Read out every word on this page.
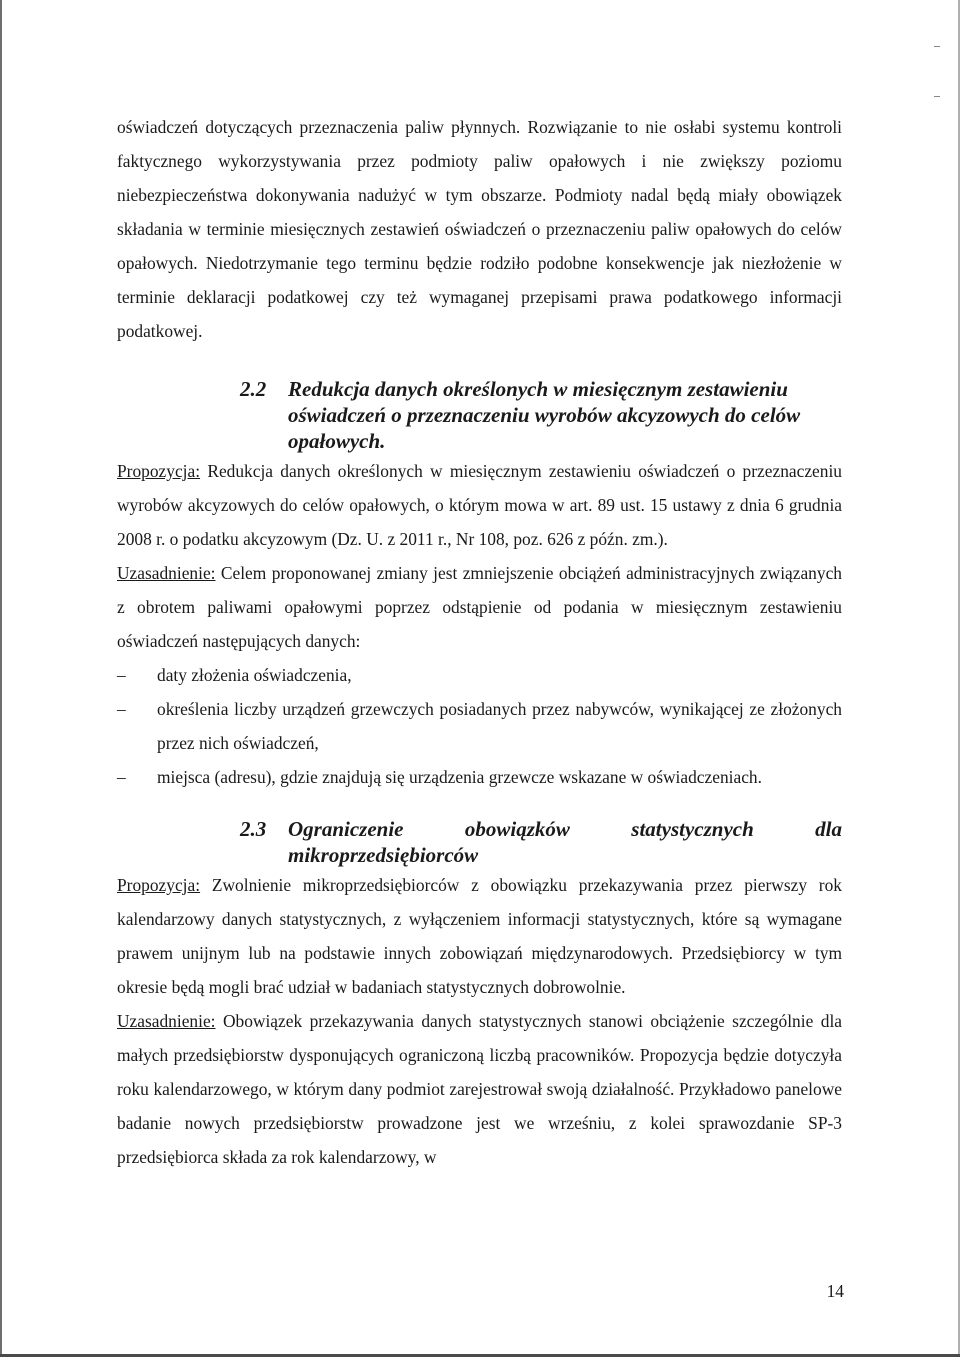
oświadczeń dotyczących przeznaczenia paliw płynnych. Rozwiązanie to nie osłabi systemu kontroli faktycznego wykorzystywania przez podmioty paliw opałowych i nie zwiększy poziomu niebezpieczeństwa dokonywania nadużyć w tym obszarze. Podmioty nadal będą miały obowiązek składania w terminie miesięcznych zestawień oświadczeń o przeznaczeniu paliw opałowych do celów opałowych. Niedotrzymanie tego terminu będzie rodziło podobne konsekwencje jak niezłożenie w terminie deklaracji podatkowej czy też wymaganej przepisami prawa podatkowego informacji podatkowej.

2.2	Redukcja danych określonych w miesięcznym zestawieniu oświadczeń o przeznaczeniu wyrobów akcyzowych do celów opałowych.

Propozycja: Redukcja danych określonych w miesięcznym zestawieniu oświadczeń o przeznaczeniu wyrobów akcyzowych do celów opałowych, o którym mowa w art. 89 ust. 15 ustawy z dnia 6 grudnia 2008 r. o podatku akcyzowym (Dz. U. z 2011 r., Nr 108, poz. 626 z późn. zm.).

Uzasadnienie: Celem proponowanej zmiany jest zmniejszenie obciążeń administracyjnych związanych z obrotem paliwami opałowymi poprzez odstąpienie od podania w miesięcznym zestawieniu oświadczeń następujących danych:

– daty złożenia oświadczenia,
– określenia liczby urządzeń grzewczych posiadanych przez nabywców, wynikającej ze złożonych przez nich oświadczeń,
– miejsca (adresu), gdzie znajdują się urządzenia grzewcze wskazane w oświadczeniach.
2.3	Ograniczenie	obowiązków	statystycznych	dla
mikroprzedsiębiorców

Propozycja: Zwolnienie mikroprzedsiębiorców z obowiązku przekazywania przez pierwszy rok kalendarzowy danych statystycznych, z wyłączeniem informacji statystycznych, które są wymagane prawem unijnym lub na podstawie innych zobowiązań międzynarodowych. Przedsiębiorcy w tym okresie będą mogli brać udział w badaniach statystycznych dobrowolnie.

Uzasadnienie: Obowiązek przekazywania danych statystycznych stanowi obciążenie szczególnie dla małych przedsiębiorstw dysponujących ograniczoną liczbą pracowników. Propozycja będzie dotyczyła roku kalendarzowego, w którym dany podmiot zarejestrował swoją działalność. Przykładowo panelowe badanie nowych przedsiębiorstw prowadzone jest we wrześniu, z kolei sprawozdanie SP-3 przedsiębiorca składa za rok kalendarzowy, w

14
